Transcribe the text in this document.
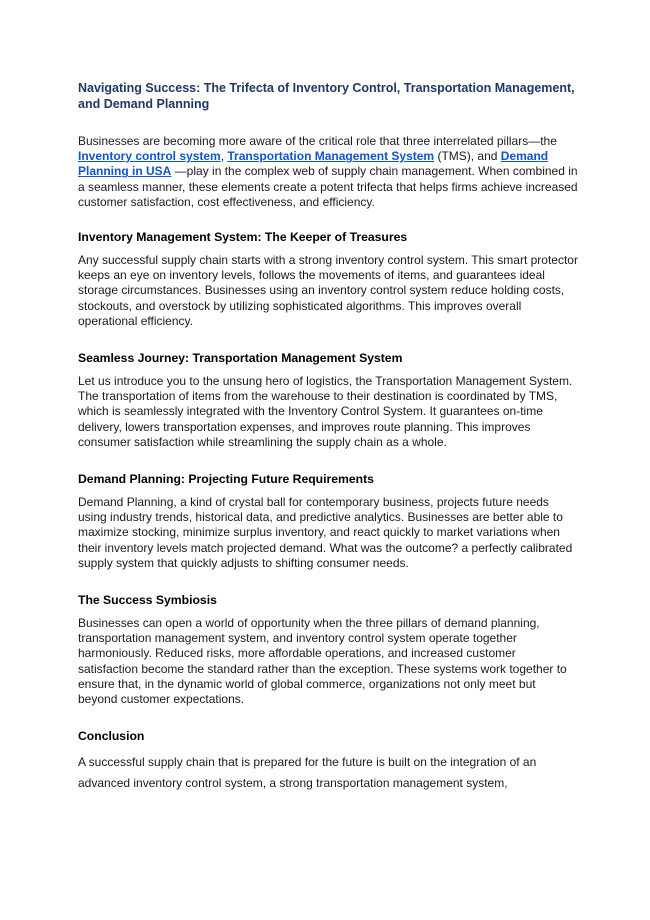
Navigating Success: The Trifecta of Inventory Control, Transportation Management, and Demand Planning

Businesses are becoming more aware of the critical role that three interrelated pillars—the Inventory control system, Transportation Management System (TMS), and Demand Planning in USA —play in the complex web of supply chain management. When combined in a seamless manner, these elements create a potent trifecta that helps firms achieve increased customer satisfaction, cost effectiveness, and efficiency.

Inventory Management System: The Keeper of Treasures

Any successful supply chain starts with a strong inventory control system. This smart protector keeps an eye on inventory levels, follows the movements of items, and guarantees ideal storage circumstances. Businesses using an inventory control system reduce holding costs, stockouts, and overstock by utilizing sophisticated algorithms. This improves overall operational efficiency.

Seamless Journey: Transportation Management System

Let us introduce you to the unsung hero of logistics, the Transportation Management System. The transportation of items from the warehouse to their destination is coordinated by TMS, which is seamlessly integrated with the Inventory Control System. It guarantees on-time delivery, lowers transportation expenses, and improves route planning. This improves consumer satisfaction while streamlining the supply chain as a whole.

Demand Planning: Projecting Future Requirements

Demand Planning, a kind of crystal ball for contemporary business, projects future needs using industry trends, historical data, and predictive analytics. Businesses are better able to maximize stocking, minimize surplus inventory, and react quickly to market variations when their inventory levels match projected demand. What was the outcome? a perfectly calibrated supply system that quickly adjusts to shifting consumer needs.

The Success Symbiosis

Businesses can open a world of opportunity when the three pillars of demand planning, transportation management system, and inventory control system operate together harmoniously. Reduced risks, more affordable operations, and increased customer satisfaction become the standard rather than the exception. These systems work together to ensure that, in the dynamic world of global commerce, organizations not only meet but beyond customer expectations.

Conclusion

A successful supply chain that is prepared for the future is built on the integration of an advanced inventory control system, a strong transportation management system,
